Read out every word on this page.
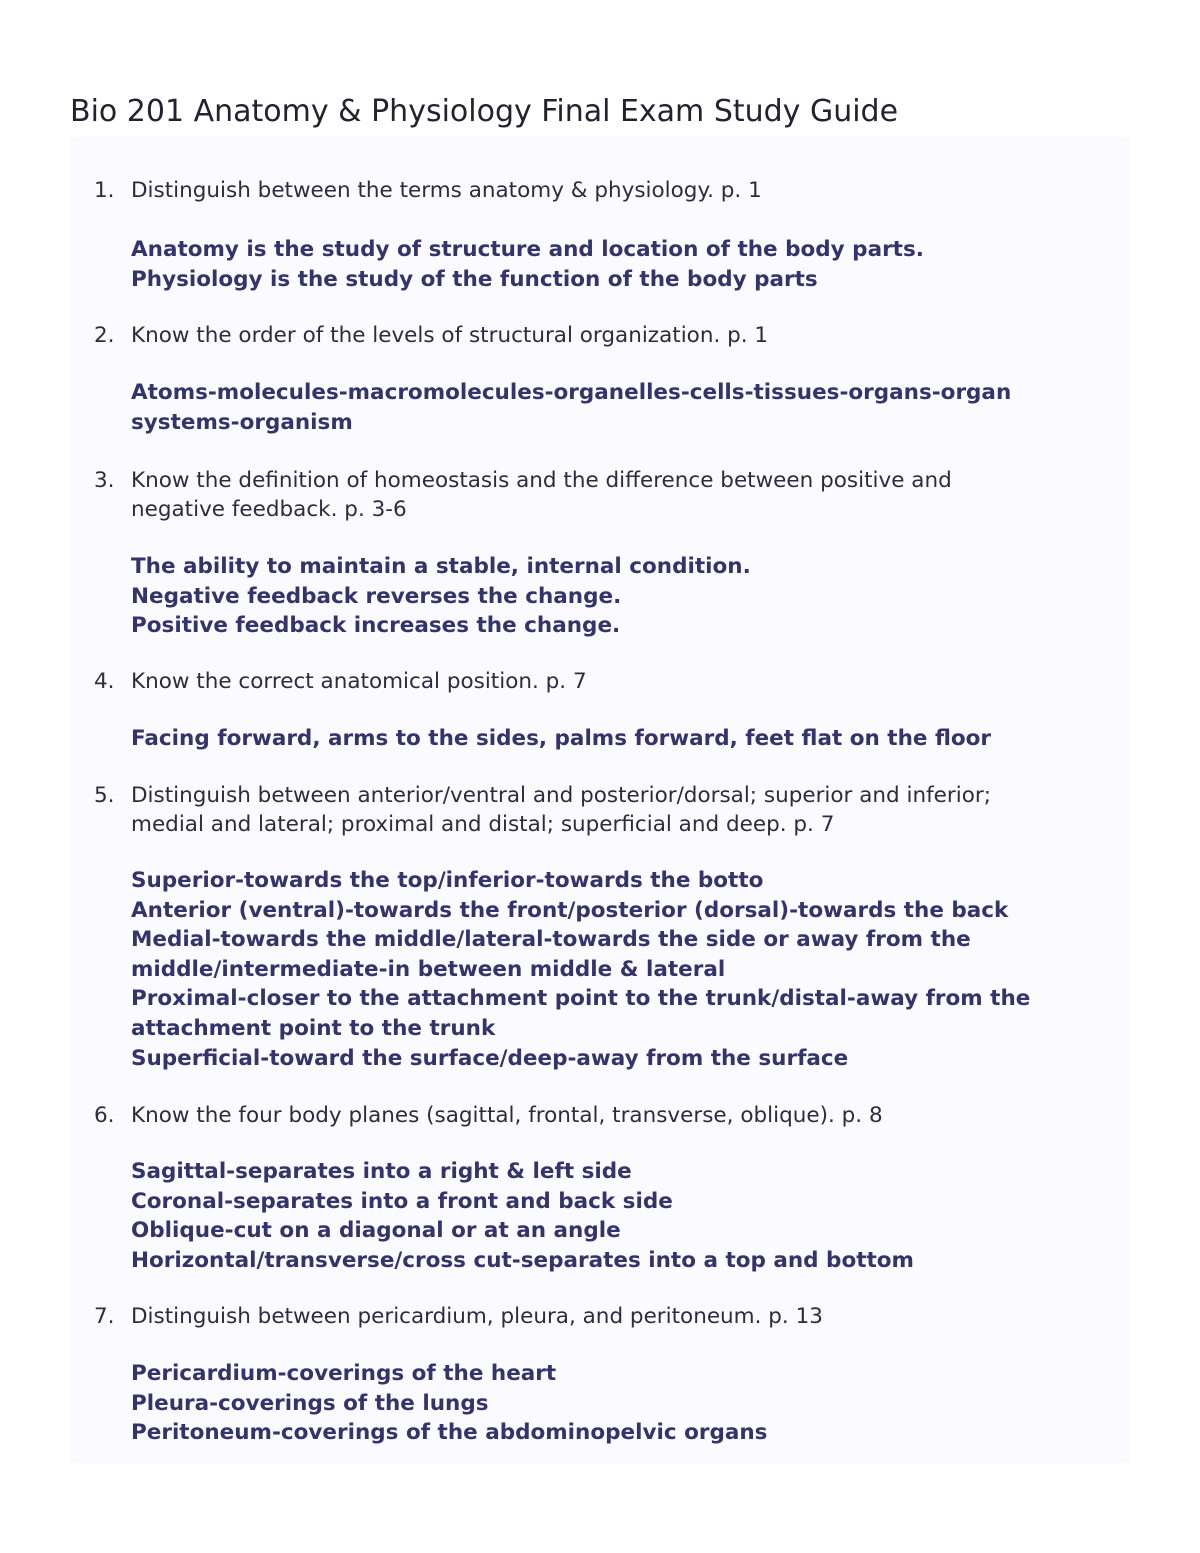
Bio 201 Anatomy & Physiology Final Exam Study Guide
1. Distinguish between the terms anatomy & physiology. p. 1

Anatomy is the study of structure and location of the body parts.
Physiology is the study of the function of the body parts
2. Know the order of the levels of structural organization. p. 1

Atoms-molecules-macromolecules-organelles-cells-tissues-organs-organ
systems-organism
3. Know the definition of homeostasis and the difference between positive and
negative feedback. p. 3-6

The ability to maintain a stable, internal condition.
Negative feedback reverses the change.
Positive feedback increases the change.
4. Know the correct anatomical position. p. 7

Facing forward, arms to the sides, palms forward, feet flat on the floor
5. Distinguish between anterior/ventral and posterior/dorsal; superior and inferior;
medial and lateral; proximal and distal; superficial and deep. p. 7

Superior-towards the top/inferior-towards the botto
Anterior (ventral)-towards the front/posterior (dorsal)-towards the back
Medial-towards the middle/lateral-towards the side or away from the
middle/intermediate-in between middle & lateral
Proximal-closer to the attachment point to the trunk/distal-away from the
attachment point to the trunk
Superficial-toward the surface/deep-away from the surface
6. Know the four body planes (sagittal, frontal, transverse, oblique). p. 8

Sagittal-separates into a right & left side
Coronal-separates into a front and back side
Oblique-cut on a diagonal or at an angle
Horizontal/transverse/cross cut-separates into a top and bottom
7. Distinguish between pericardium, pleura, and peritoneum. p. 13

Pericardium-coverings of the heart
Pleura-coverings of the lungs
Peritoneum-coverings of the abdominopelvic organs
